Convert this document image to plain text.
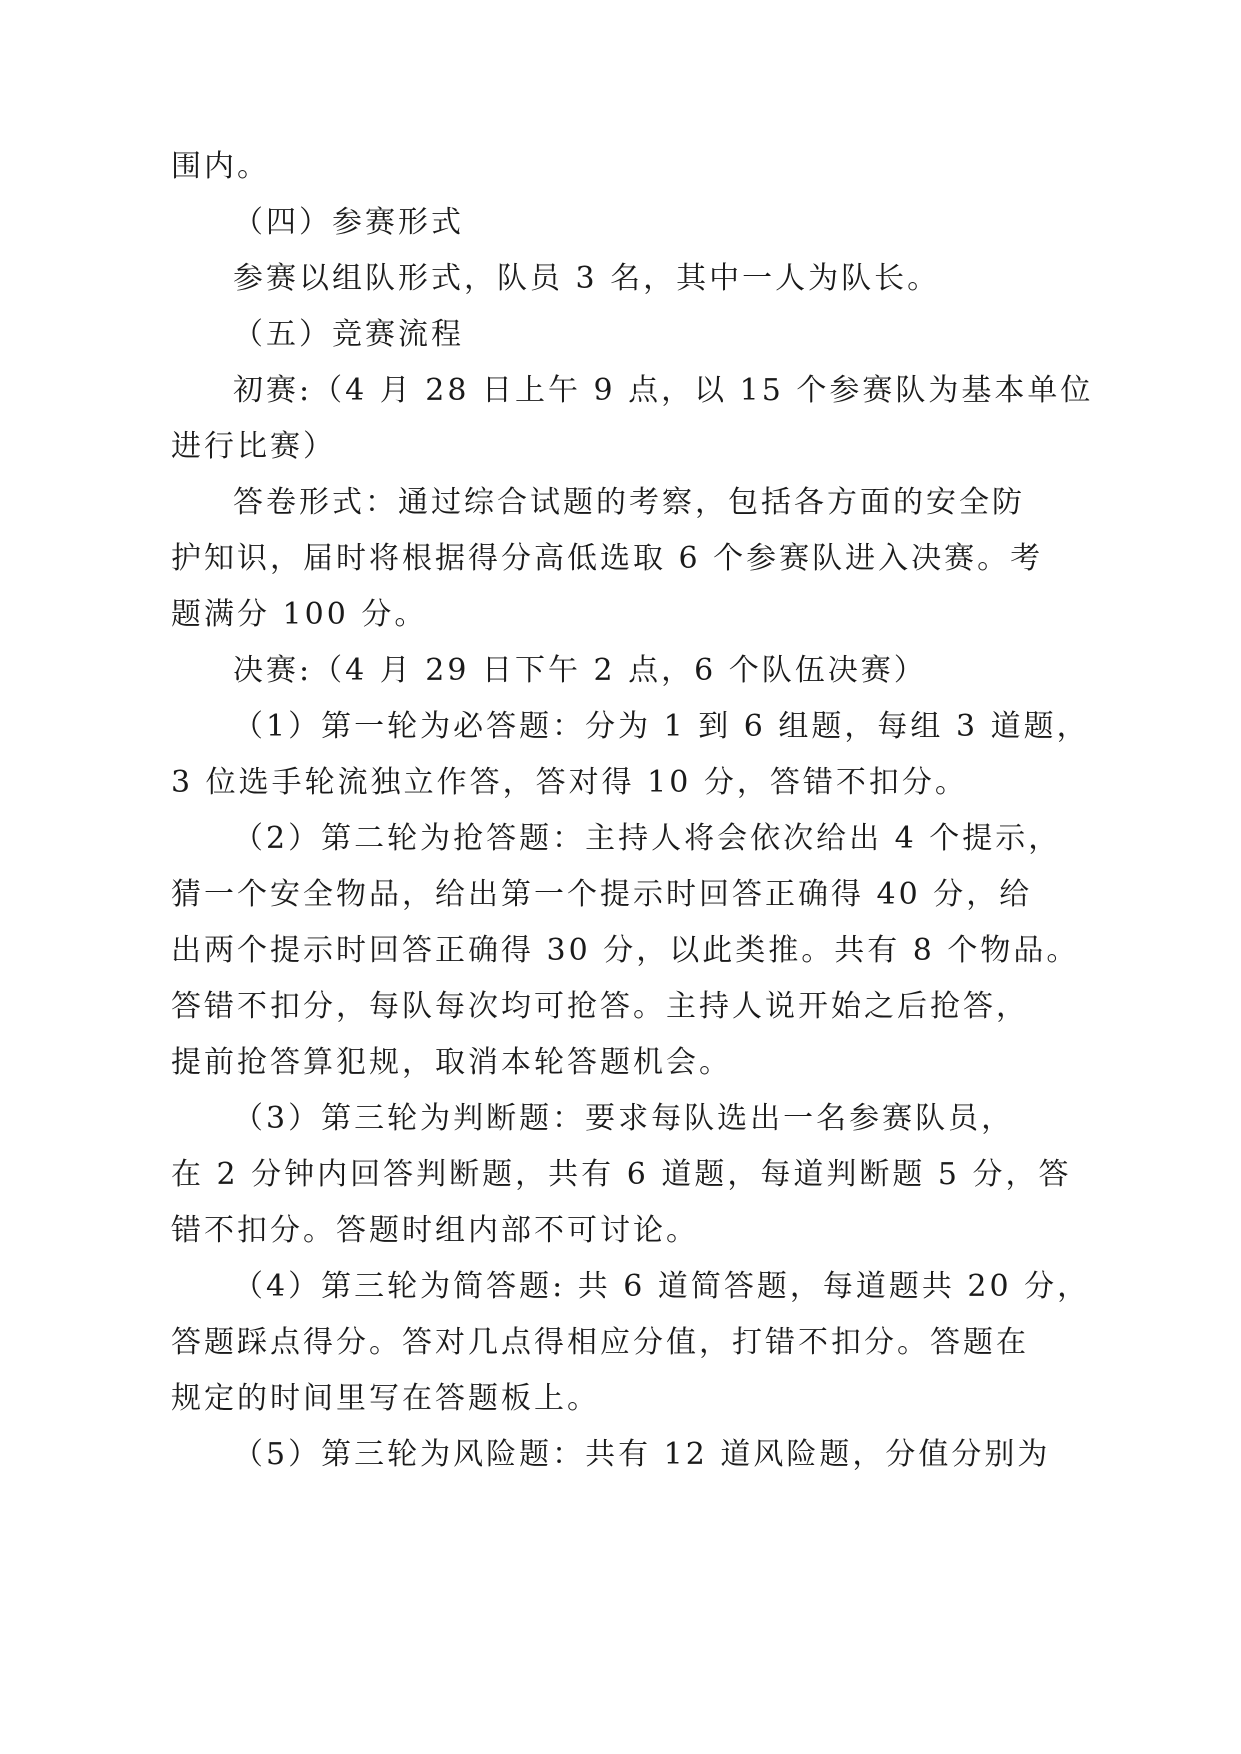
围内。
（四）参赛形式
参赛以组队形式，队员 3 名，其中一人为队长。
（五）竞赛流程
初赛:（4 月 28 日上午 9 点，以 15 个参赛队为基本单位
进行比赛）
答卷形式：通过综合试题的考察，包括各方面的安全防
护知识，届时将根据得分高低选取 6 个参赛队进入决赛。考
题满分 100 分。
决赛:（4 月 29 日下午 2 点，6 个队伍决赛）
（1）第一轮为必答题：分为 1 到 6 组题，每组 3 道题，
3 位选手轮流独立作答，答对得 10 分，答错不扣分。
（2）第二轮为抢答题：主持人将会依次给出 4 个提示，
猜一个安全物品，给出第一个提示时回答正确得 40 分，给
出两个提示时回答正确得 30 分，以此类推。共有 8 个物品。
答错不扣分，每队每次均可抢答。主持人说开始之后抢答，
提前抢答算犯规，取消本轮答题机会。
（3）第三轮为判断题：要求每队选出一名参赛队员，
在 2 分钟内回答判断题，共有 6 道题，每道判断题 5 分，答
错不扣分。答题时组内部不可讨论。
（4）第三轮为简答题: 共 6 道简答题，每道题共 20 分，
答题踩点得分。答对几点得相应分值，打错不扣分。答题在
规定的时间里写在答题板上。
（5）第三轮为风险题：共有 12 道风险题，分值分别为
